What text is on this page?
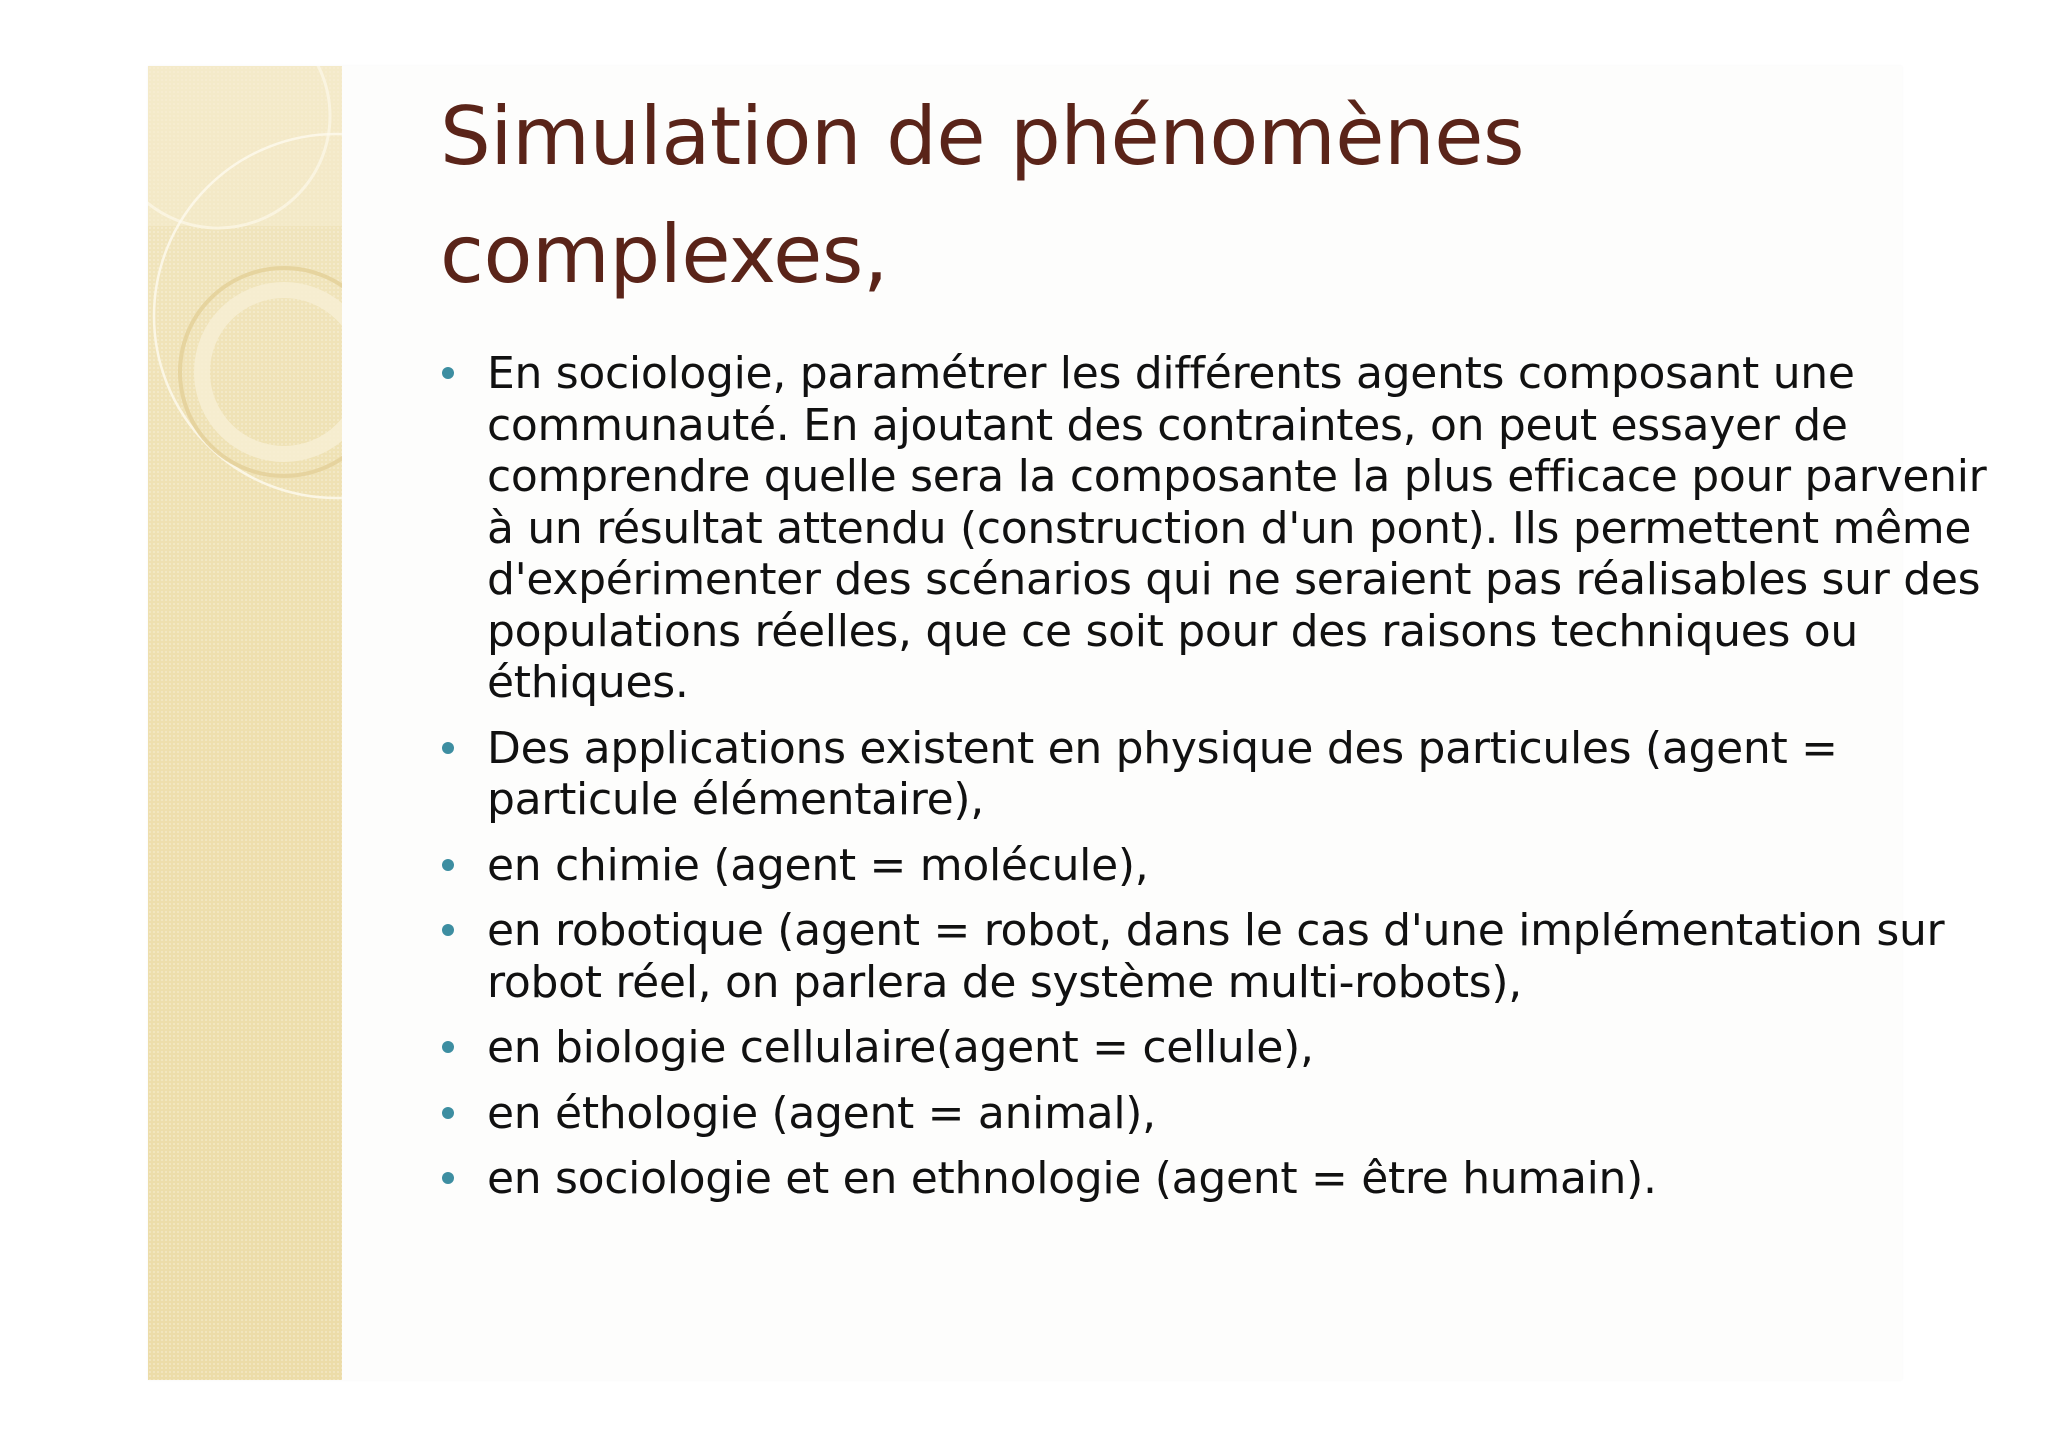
Simulation de phénomènes complexes,
En sociologie, paramétrer les différents agents composant une communauté. En ajoutant des contraintes, on peut essayer de comprendre quelle sera la composante la plus efficace pour parvenir à un résultat attendu (construction d'un pont). Ils permettent même d'expérimenter des scénarios qui ne seraient pas réalisables sur des populations réelles, que ce soit pour des raisons techniques ou éthiques.
Des applications existent en physique des particules (agent = particule élémentaire),
en chimie (agent = molécule),
en robotique (agent = robot, dans le cas d'une implémentation sur robot réel, on parlera de système multi-robots),
en biologie cellulaire(agent = cellule),
en éthologie (agent = animal),
en sociologie et en ethnologie (agent = être humain).
